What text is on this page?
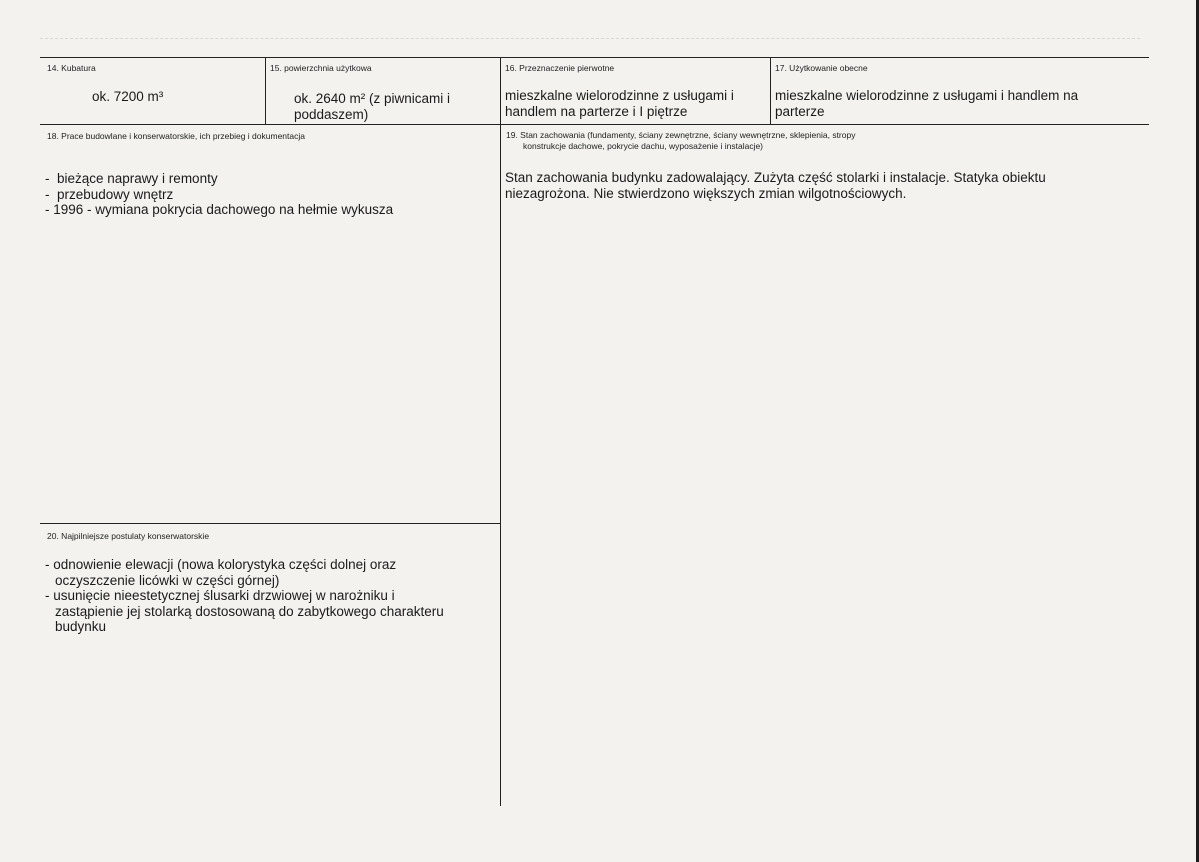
14. Kubatura
ok. 7200 m³
15. powierzchnia użytkowa
ok. 2640 m² (z piwnicami i poddaszem)
16. Przeznaczenie pierwotne
mieszkalne wielorodzinne z usługami i handlem na parterze i I piętrze
17. Użytkowanie obecne
mieszkalne wielorodzinne z usługami i handlem na parterze
18. Prace budowlane i konserwatorskie, ich przebieg i dokumentacja
-  bieżące naprawy i remonty
-  przebudowy wnętrz
- 1996 - wymiana pokrycia dachowego na hełmie wykusza
19. Stan zachowania (fundamenty, ściany zewnętrzne, ściany wewnętrzne, sklepienia, stropy
konstrukcje dachowe, pokrycie dachu, wyposażenie i instalacje)
Stan zachowania budynku zadowalający. Zużyta część stolarki i instalacje. Statyka obiektu niezagrożona. Nie stwierdzono większych zmian wilgotnościowych.
20. Najpilniejsze postulaty konserwatorskie
- odnowienie elewacji (nowa kolorystyka części dolnej oraz oczyszczenie licówki w części górnej)
- usunięcie nieestetycznej ślusarki drzwiowej w narożniku i zastąpienie jej stolarką dostosowaną do zabytkowego charakteru budynku
